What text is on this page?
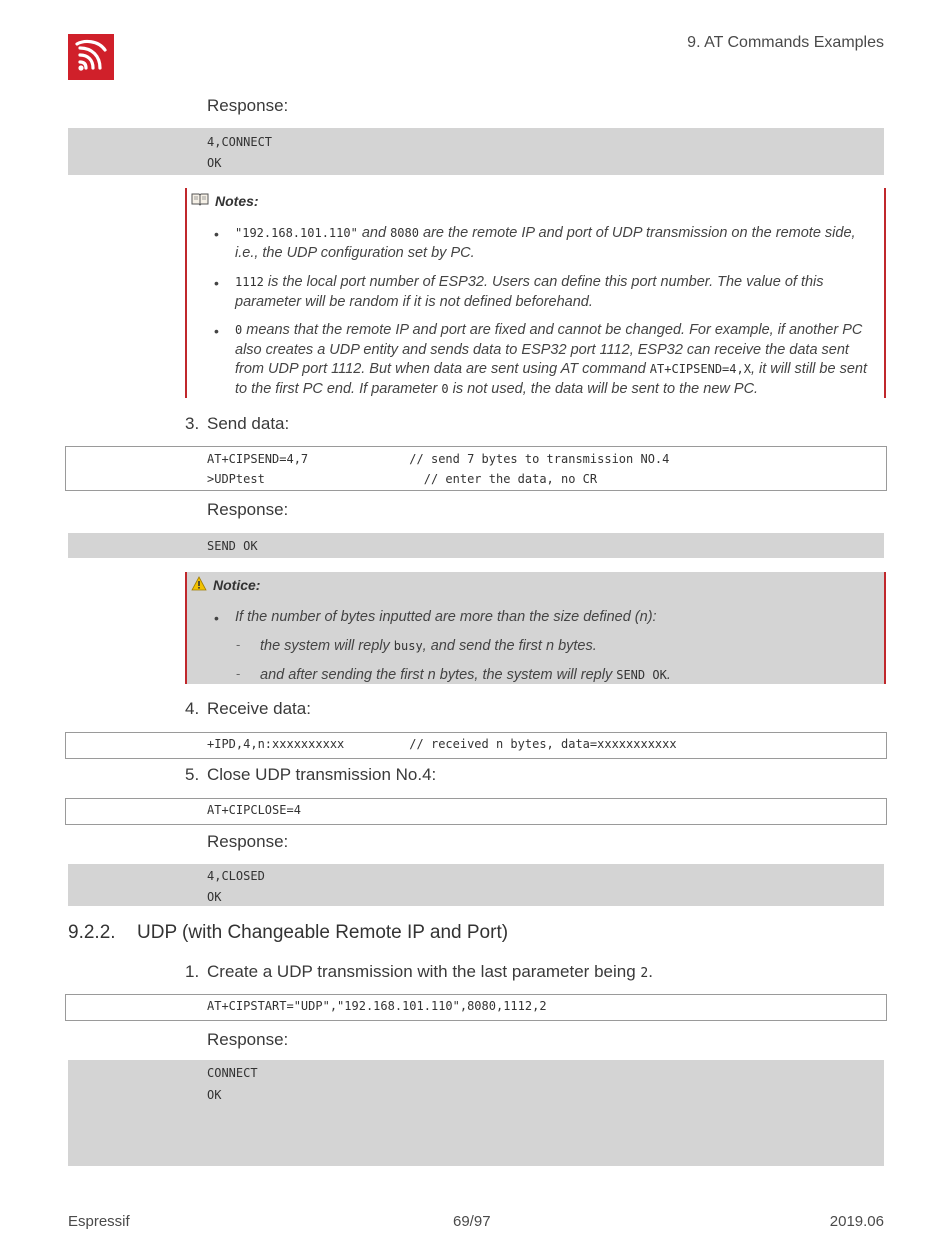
9. AT Commands Examples
Response:
4,CONNECT
OK
Notes:
• "192.168.101.110" and 8080 are the remote IP and port of UDP transmission on the remote side, i.e., the UDP configuration set by PC.
• 1112 is the local port number of ESP32. Users can define this port number. The value of this parameter will be random if it is not defined beforehand.
• 0 means that the remote IP and port are fixed and cannot be changed. For example, if another PC also creates a UDP entity and sends data to ESP32 port 1112, ESP32 can receive the data sent from UDP port 1112. But when data are sent using AT command AT+CIPSEND=4,X, it will still be sent to the first PC end. If parameter 0 is not used, the data will be sent to the new PC.
3. Send data:
AT+CIPSEND=4,7              // send 7 bytes to transmission NO.4
>UDPtest                      // enter the data, no CR
Response:
SEND OK
Notice:
• If the number of bytes inputted are more than the size defined (n):
- the system will reply busy, and send the first n bytes.
- and after sending the first n bytes, the system will reply SEND OK.
4. Receive data:
+IPD,4,n:xxxxxxxxxx         // received n bytes, data=xxxxxxxxxxx
5. Close UDP transmission No.4:
AT+CIPCLOSE=4
Response:
4,CLOSED
OK
9.2.2. UDP (with Changeable Remote IP and Port)
1. Create a UDP transmission with the last parameter being 2.
AT+CIPSTART="UDP","192.168.101.110",8080,1112,2
Response:
CONNECT
OK
Espressif	69/97	2019.06
